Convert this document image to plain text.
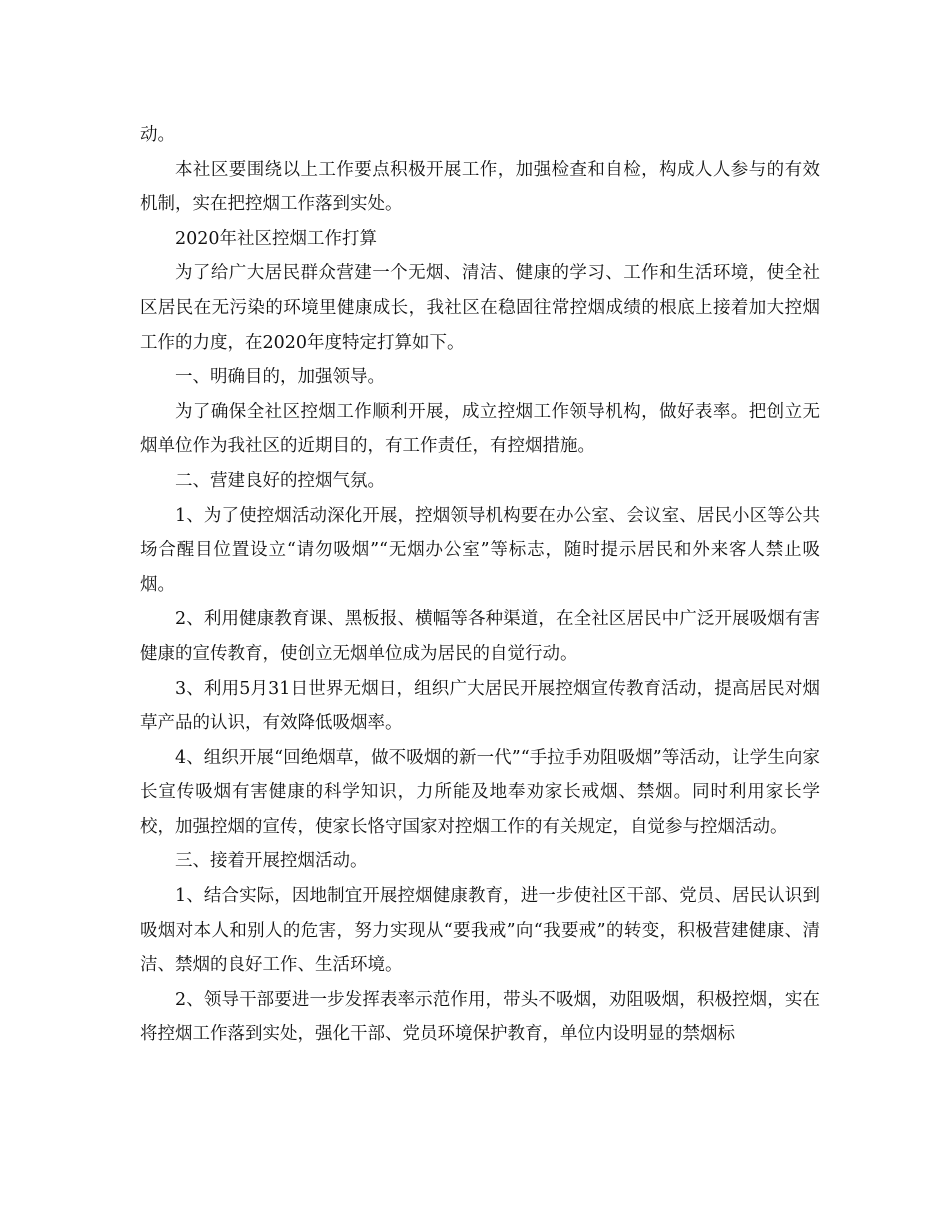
动。

本社区要围绕以上工作要点积极开展工作，加强检查和自检，构成人人参与的有效机制，实在把控烟工作落到实处。

2020年社区控烟工作打算

为了给广大居民群众营建一个无烟、清洁、健康的学习、工作和生活环境，使全社区居民在无污染的环境里健康成长，我社区在稳固往常控烟成绩的根底上接着加大控烟工作的力度，在2020年度特定打算如下。

一、明确目的，加强领导。

为了确保全社区控烟工作顺利开展，成立控烟工作领导机构，做好表率。把创立无烟单位作为我社区的近期目的，有工作责任，有控烟措施。

二、营建良好的控烟气氛。

1、为了使控烟活动深化开展，控烟领导机构要在办公室、会议室、居民小区等公共场合醒目位置设立“请勿吸烟”“无烟办公室”等标志，随时提示居民和外来客人禁止吸烟。

2、利用健康教育课、黑板报、横幅等各种渠道，在全社区居民中广泛开展吸烟有害健康的宣传教育，使创立无烟单位成为居民的自觉行动。

3、利用5月31日世界无烟日，组织广大居民开展控烟宣传教育活动，提高居民对烟草产品的认识，有效降低吸烟率。

4、组织开展“回绝烟草，做不吸烟的新一代”“手拉手劝阻吸烟”等活动，让学生向家长宣传吸烟有害健康的科学知识，力所能及地奉劝家长戒烟、禁烟。同时利用家长学校，加强控烟的宣传，使家长恪守国家对控烟工作的有关规定，自觉参与控烟活动。

三、接着开展控烟活动。

1、结合实际，因地制宜开展控烟健康教育，进一步使社区干部、党员、居民认识到吸烟对本人和别人的危害，努力实现从“要我戒”向“我要戒”的转变，积极营建健康、清洁、禁烟的良好工作、生活环境。

2、领导干部要进一步发挥表率示范作用，带头不吸烟，劝阻吸烟，积极控烟，实在将控烟工作落到实处，强化干部、党员环境保护教育，单位内设明显的禁烟标
